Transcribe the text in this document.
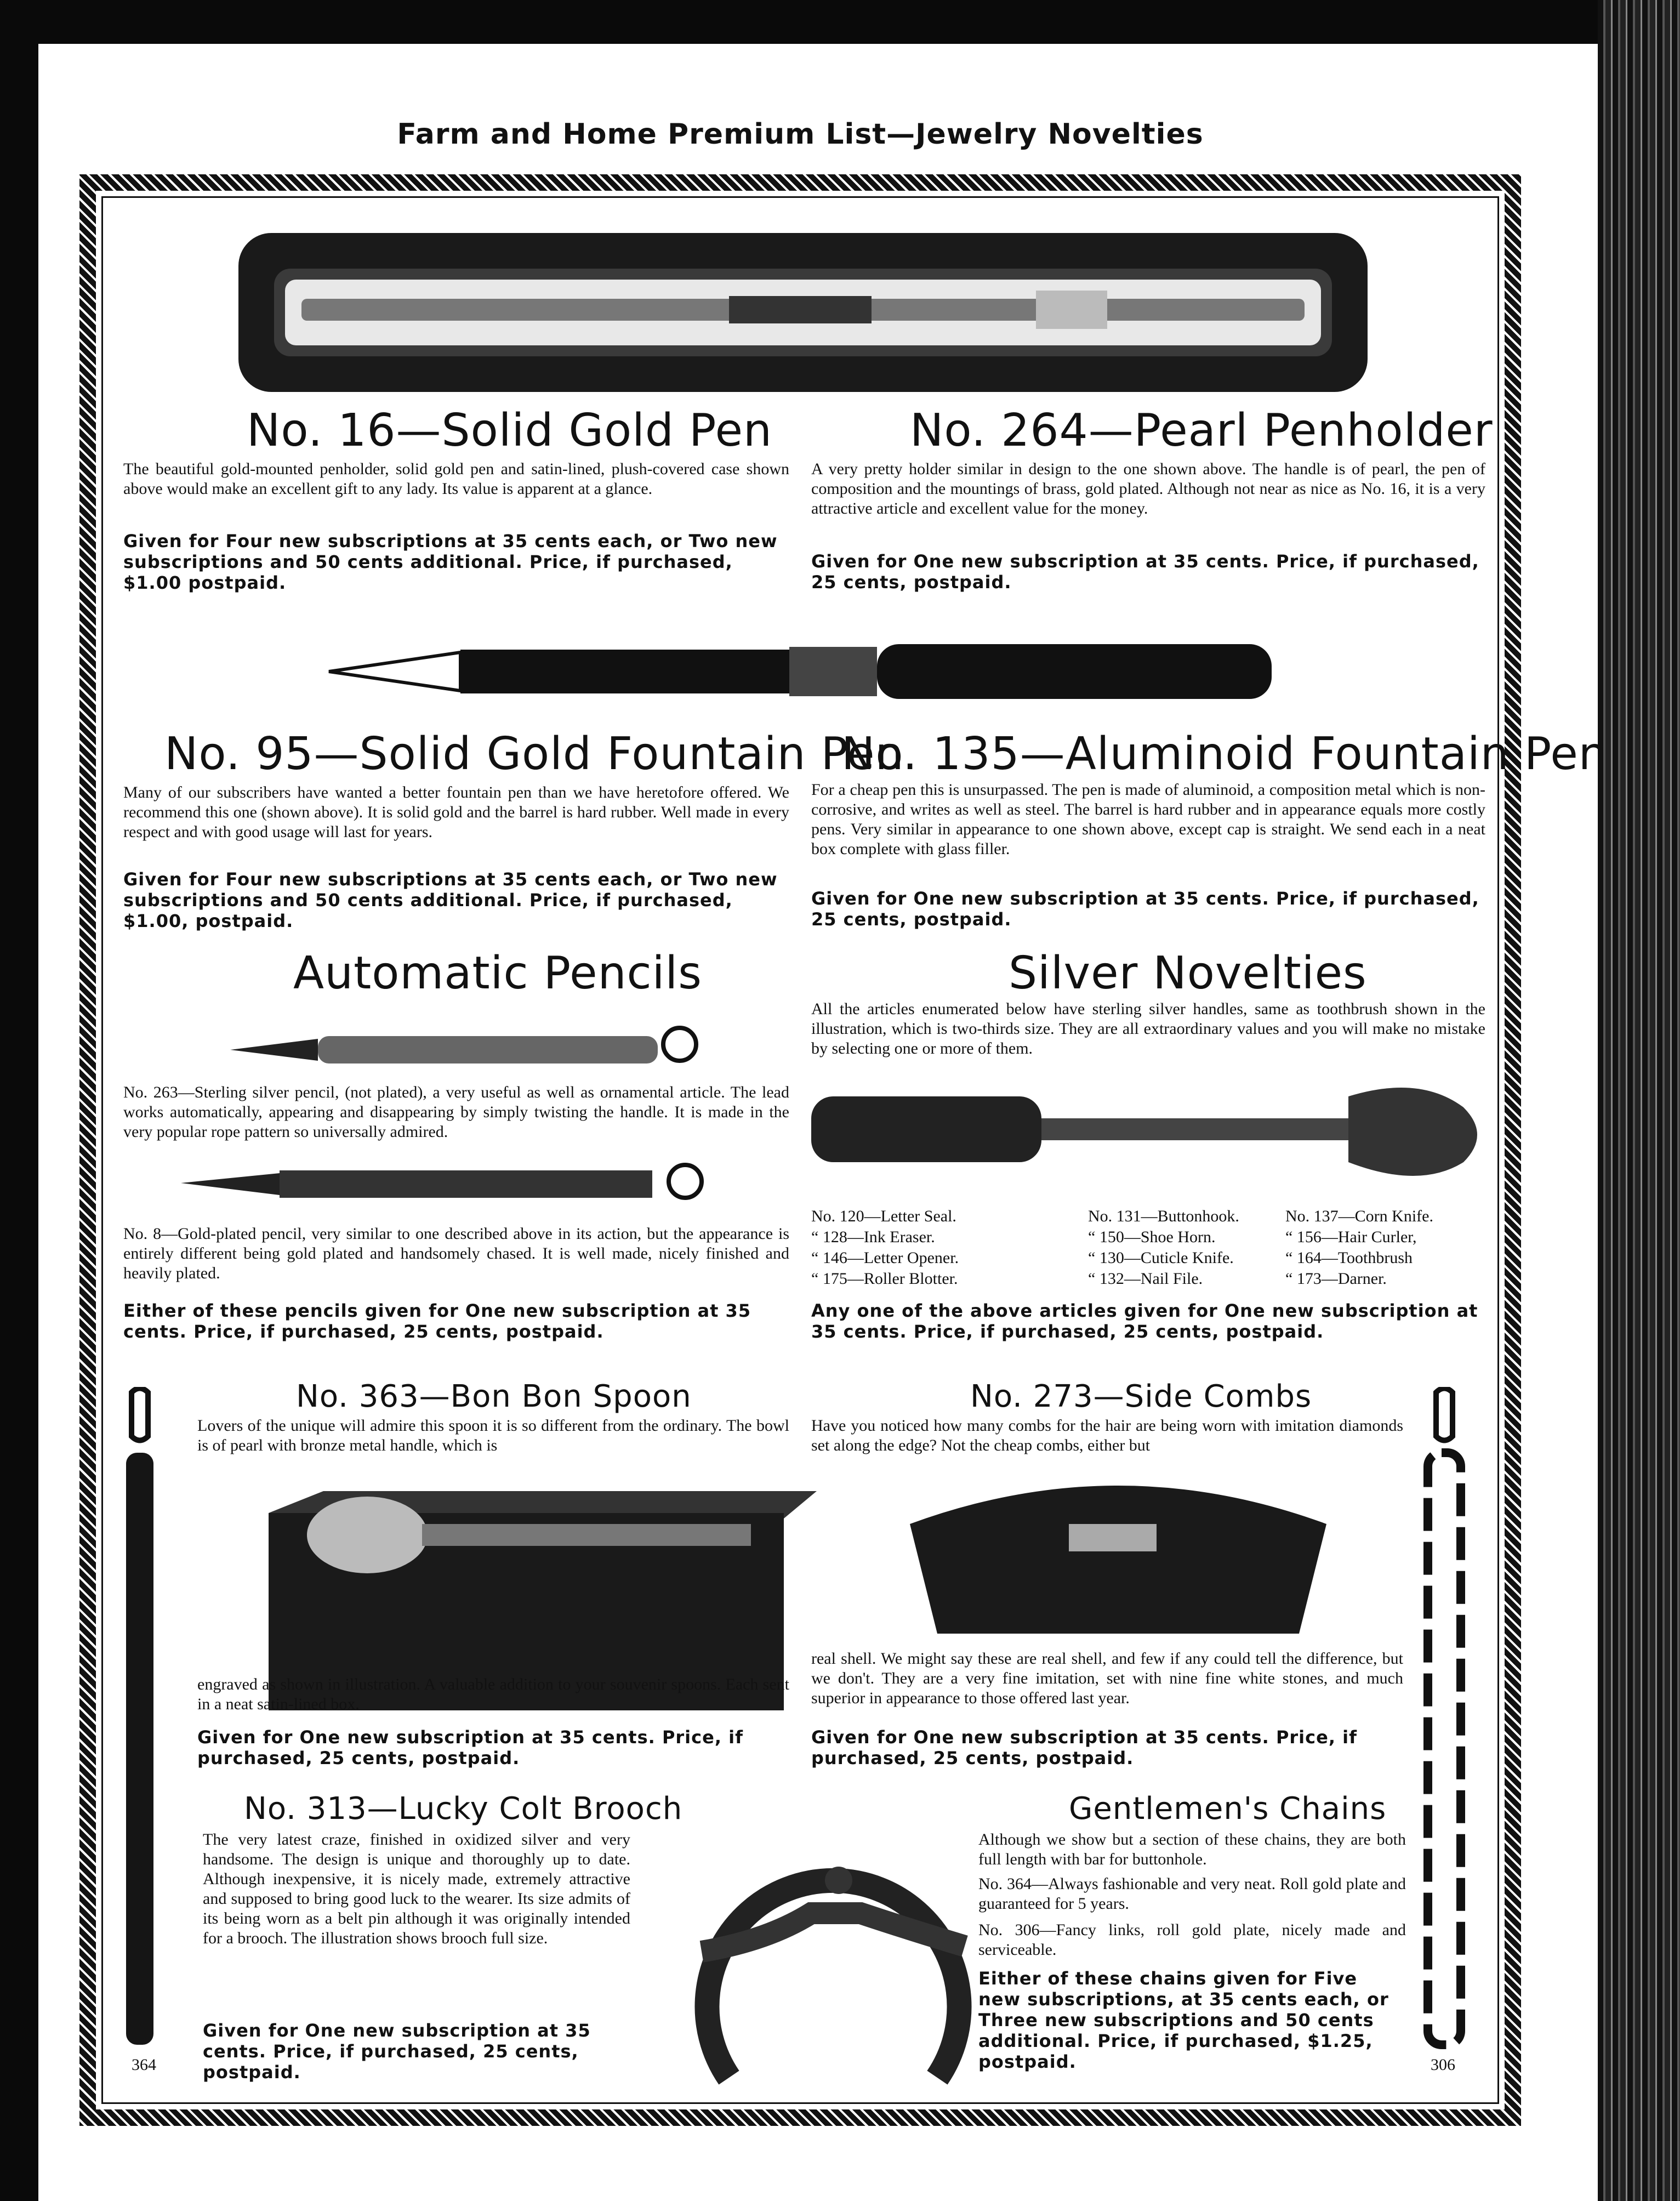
Farm and Home Premium List—Jewelry Novelties
No. 16—Solid Gold Pen
The beautiful gold-mounted penholder, solid gold pen and satin-lined, plush-covered case shown above would make an excellent gift to any lady. Its value is apparent at a glance.
Given for Four new subscriptions at 35 cents each, or Two new subscriptions and 50 cents additional. Price, if purchased, $1.00 postpaid.
No. 264—Pearl Penholder
A very pretty holder similar in design to the one shown above. The handle is of pearl, the pen of composition and the mountings of brass, gold plated. Although not near as nice as No. 16, it is a very attractive article and excellent value for the money.
Given for One new subscription at 35 cents. Price, if purchased, 25 cents, postpaid.
No. 95—Solid Gold Fountain Pen
Many of our subscribers have wanted a better fountain pen than we have heretofore offered. We recommend this one (shown above). It is solid gold and the barrel is hard rubber. Well made in every respect and with good usage will last for years.
Given for Four new subscriptions at 35 cents each, or Two new subscriptions and 50 cents additional. Price, if purchased, $1.00, postpaid.
No. 135—Aluminoid Fountain Pen
For a cheap pen this is unsurpassed. The pen is made of aluminoid, a composition metal which is non-corrosive, and writes as well as steel. The barrel is hard rubber and in appearance equals more costly pens. Very similar in appearance to one shown above, except cap is straight. We send each in a neat box complete with glass filler.
Given for One new subscription at 35 cents. Price, if purchased, 25 cents, postpaid.
Automatic Pencils
No. 263—Sterling silver pencil, (not plated), a very useful as well as ornamental article. The lead works automatically, appearing and disappearing by simply twisting the handle. It is made in the very popular rope pattern so universally admired.
No. 8—Gold-plated pencil, very similar to one described above in its action, but the appearance is entirely different being gold plated and handsomely chased. It is well made, nicely finished and heavily plated.
Either of these pencils given for One new subscription at 35 cents. Price, if purchased, 25 cents, postpaid.
Silver Novelties
All the articles enumerated below have sterling silver handles, same as toothbrush shown in the illustration, which is two-thirds size. They are all extraordinary values and you will make no mistake by selecting one or more of them.
No. 120—Letter Seal.
“ 128—Ink Eraser.
“ 146—Letter Opener.
“ 175—Roller Blotter.
No. 131—Buttonhook.
“ 150—Shoe Horn.
“ 130—Cuticle Knife.
“ 132—Nail File.
No. 137—Corn Knife.
“ 156—Hair Curler,
“ 164—Toothbrush
“ 173—Darner.
Any one of the above articles given for One new subscription at 35 cents. Price, if purchased, 25 cents, postpaid.
No. 363—Bon Bon Spoon
Lovers of the unique will admire this spoon it is so different from the ordinary. The bowl is of pearl with bronze metal handle, which is
engraved as shown in illustration. A valuable addition to your souvenir spoons. Each sent in a neat satin-lined box.
Given for One new subscription at 35 cents. Price, if purchased, 25 cents, postpaid.
No. 273—Side Combs
Have you noticed how many combs for the hair are being worn with imitation diamonds set along the edge? Not the cheap combs, either but
real shell. We might say these are real shell, and few if any could tell the difference, but we don't. They are a very fine imitation, set with nine fine white stones, and much superior in appearance to those offered last year.
Given for One new subscription at 35 cents. Price, if purchased, 25 cents, postpaid.
No. 313—Lucky Colt Brooch
The very latest craze, finished in oxidized silver and very handsome. The design is unique and thoroughly up to date. Although inexpensive, it is nicely made, extremely attractive and supposed to bring good luck to the wearer. Its size admits of its being worn as a belt pin although it was originally intended for a brooch. The illustration shows brooch full size.
Given for One new subscription at 35 cents. Price, if purchased, 25 cents, postpaid.
Gentlemen's Chains
Although we show but a section of these chains, they are both full length with bar for buttonhole.
No. 364—Always fashionable and very neat. Roll gold plate and guaranteed for 5 years.
No. 306—Fancy links, roll gold plate, nicely made and serviceable.
Either of these chains given for Five new subscriptions, at 35 cents each, or Three new subscriptions and 50 cents additional. Price, if purchased, $1.25, postpaid.
364	306
